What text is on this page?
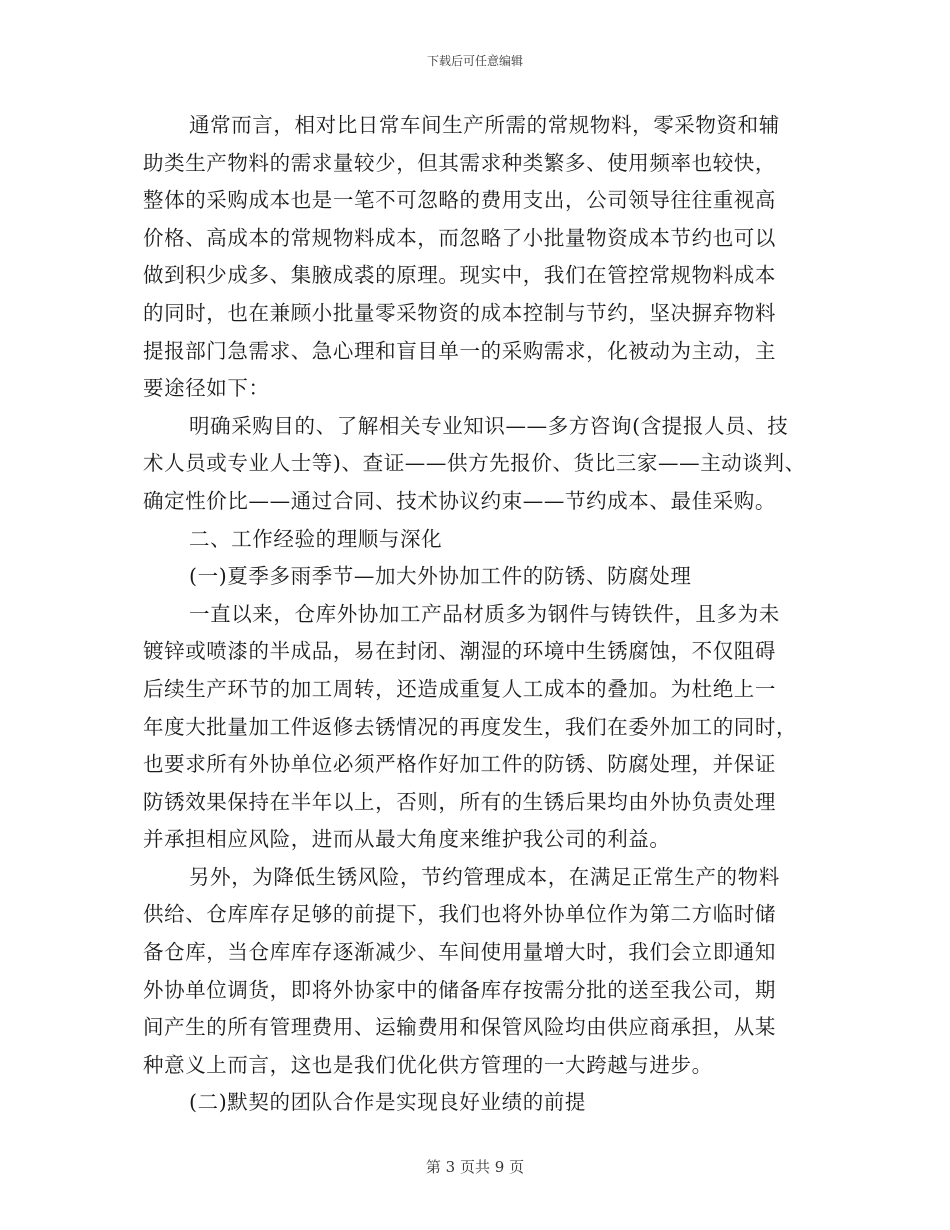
下载后可任意编辑
通常而言，相对比日常车间生产所需的常规物料，零采物资和辅
助类生产物料的需求量较少，但其需求种类繁多、使用频率也较快，
整体的采购成本也是一笔不可忽略的费用支出，公司领导往往重视高
价格、高成本的常规物料成本，而忽略了小批量物资成本节约也可以
做到积少成多、集腋成裘的原理。现实中，我们在管控常规物料成本
的同时，也在兼顾小批量零采物资的成本控制与节约，坚决摒弃物料
提报部门急需求、急心理和盲目单一的采购需求，化被动为主动，主
要途径如下：
明确采购目的、了解相关专业知识——多方咨询(含提报人员、技
术人员或专业人士等)、查证——供方先报价、货比三家——主动谈判、
确定性价比——通过合同、技术协议约束——节约成本、最佳采购。
二、工作经验的理顺与深化
(一)夏季多雨季节—加大外协加工件的防锈、防腐处理
一直以来，仓库外协加工产品材质多为钢件与铸铁件，且多为未
镀锌或喷漆的半成品，易在封闭、潮湿的环境中生锈腐蚀，不仅阻碍
后续生产环节的加工周转，还造成重复人工成本的叠加。为杜绝上一
年度大批量加工件返修去锈情况的再度发生，我们在委外加工的同时，
也要求所有外协单位必须严格作好加工件的防锈、防腐处理，并保证
防锈效果保持在半年以上，否则，所有的生锈后果均由外协负责处理
并承担相应风险，进而从最大角度来维护我公司的利益。
另外，为降低生锈风险，节约管理成本，在满足正常生产的物料
供给、仓库库存足够的前提下，我们也将外协单位作为第二方临时储
备仓库，当仓库库存逐渐减少、车间使用量增大时，我们会立即通知
外协单位调货，即将外协家中的储备库存按需分批的送至我公司，期
间产生的所有管理费用、运输费用和保管风险均由供应商承担，从某
种意义上而言，这也是我们优化供方管理的一大跨越与进步。
(二)默契的团队合作是实现良好业绩的前提
第 3 页共 9 页
